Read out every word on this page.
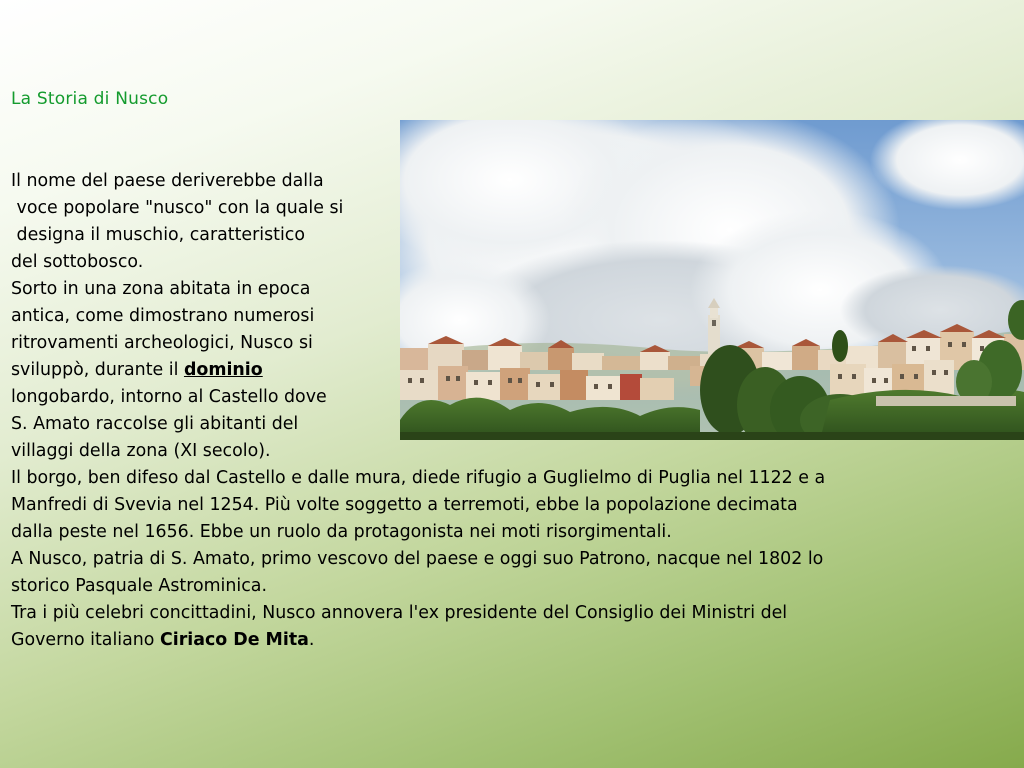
La Storia di Nusco

Il nome del paese deriverebbe dalla
voce popolare "nusco" con la quale si
designa il muschio, caratteristico
del sottobosco.
Sorto in una zona abitata in epoca
antica, come dimostrano numerosi
ritrovamenti archeologici, Nusco si
sviluppò, durante il dominio
longobardo, intorno al Castello dove
S. Amato raccolse gli abitanti del
villaggi della zona (XI secolo).
Il borgo, ben difeso dal Castello e dalle mura, diede rifugio a Guglielmo di Puglia nel 1122 e a
Manfredi di Svevia nel 1254. Più volte soggetto a terremoti, ebbe la popolazione decimata
dalla peste nel 1656. Ebbe un ruolo da protagonista nei moti risorgimentali.
A Nusco, patria di S. Amato, primo vescovo del paese e oggi suo Patrono, nacque nel 1802 lo
storico Pasquale Astrominica.
Tra i più celebri concittadini, Nusco annovera l'ex presidente del Consiglio dei Ministri del
Governo italiano Ciriaco De Mita.
